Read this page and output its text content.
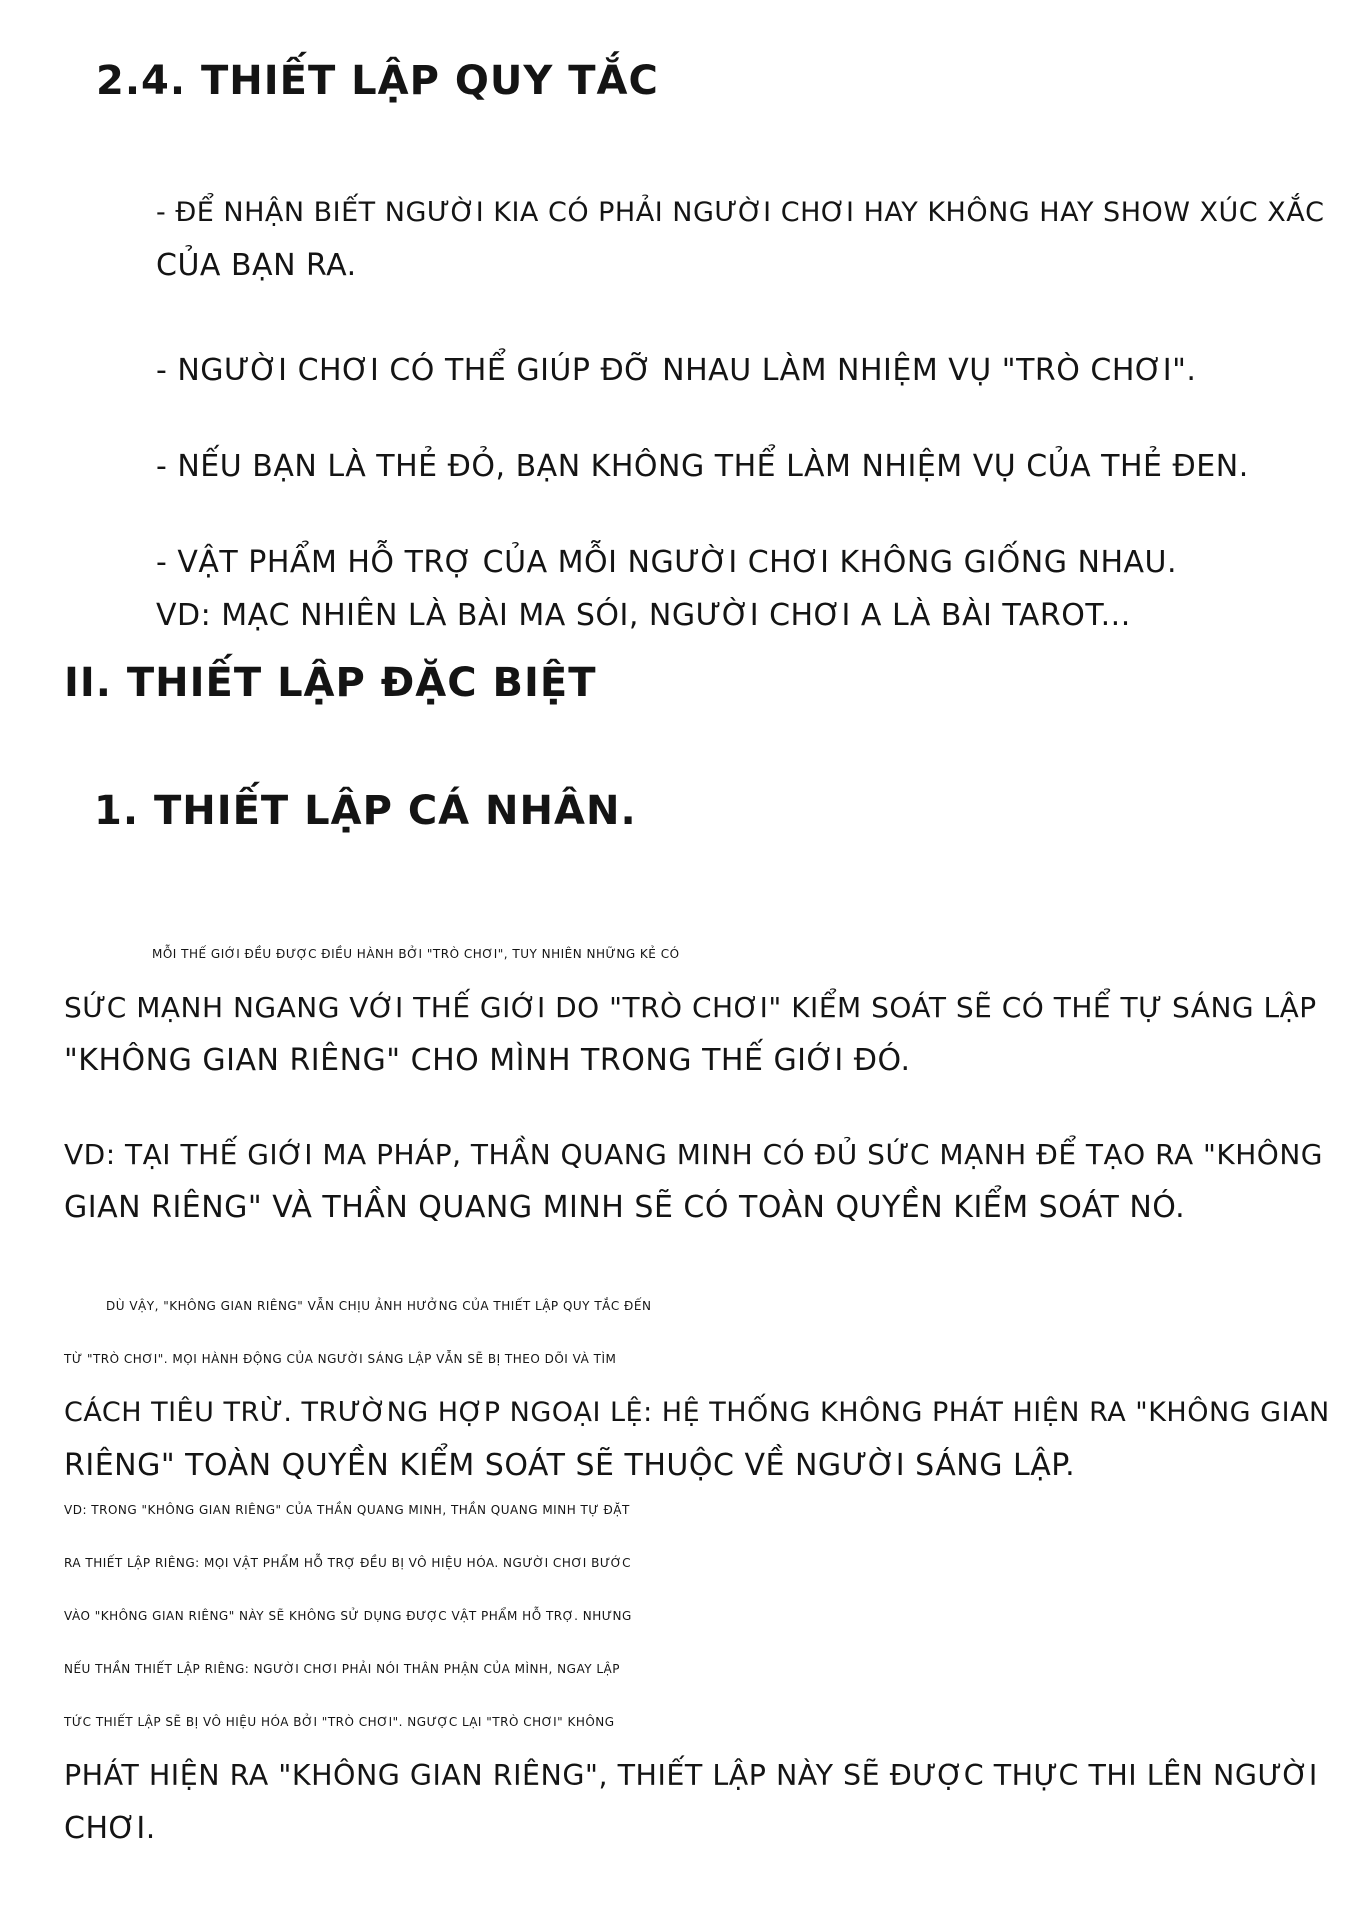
2.4. THIẾT LẬP QUY TẮC
- ĐỂ NHẬN BIẾT NGƯỜI KIA CÓ PHẢI NGƯỜI CHƠI HAY KHÔNG HAY SHOW XÚC XẮC
CỦA BẠN RA.
- NGƯỜI CHƠI CÓ THỂ GIÚP ĐỠ NHAU LÀM NHIỆM VỤ "TRÒ CHƠI".
- NẾU BẠN LÀ THẺ ĐỎ, BẠN KHÔNG THỂ LÀM NHIỆM VỤ CỦA THẺ ĐEN.
- VẬT PHẨM HỖ TRỢ CỦA MỖI NGƯỜI CHƠI KHÔNG GIỐNG NHAU.
VD: MẠC NHIÊN LÀ BÀI MA SÓI, NGƯỜI CHƠI A LÀ BÀI TAROT...
II. THIẾT LẬP ĐẶC BIỆT
1. THIẾT LẬP CÁ NHÂN.
MỖI THẾ GIỚI ĐỀU ĐƯỢC ĐIỀU HÀNH BỞI "TRÒ CHƠI", TUY NHIÊN NHỮNG KẺ CÓ
SỨC MẠNH NGANG VỚI THẾ GIỚI DO "TRÒ CHƠI" KIỂM SOÁT SẼ CÓ THỂ TỰ SÁNG LẬP
"KHÔNG GIAN RIÊNG" CHO MÌNH TRONG THẾ GIỚI ĐÓ.
VD: TẠI THẾ GIỚI MA PHÁP, THẦN QUANG MINH CÓ ĐỦ SỨC MẠNH ĐỂ TẠO RA "KHÔNG
GIAN RIÊNG" VÀ THẦN QUANG MINH SẼ CÓ TOÀN QUYỀN KIỂM SOÁT NÓ.
DÙ VẬY, "KHÔNG GIAN RIÊNG" VẪN CHỊU ẢNH HƯỞNG CỦA THIẾT LẬP QUY TẮC ĐẾN
TỪ "TRÒ CHƠI". MỌI HÀNH ĐỘNG CỦA NGƯỜI SÁNG LẬP VẪN SẼ BỊ THEO DÕI VÀ TÌM
CÁCH TIÊU TRỪ. TRƯỜNG HỢP NGOẠI LỆ: HỆ THỐNG KHÔNG PHÁT HIỆN RA "KHÔNG GIAN
RIÊNG" TOÀN QUYỀN KIỂM SOÁT SẼ THUỘC VỀ NGƯỜI SÁNG LẬP.
VD: TRONG "KHÔNG GIAN RIÊNG" CỦA THẦN QUANG MINH, THẦN QUANG MINH TỰ ĐẶT
RA THIẾT LẬP RIÊNG: MỌI VẬT PHẨM HỖ TRỢ ĐỀU BỊ VÔ HIỆU HÓA. NGƯỜI CHƠI BƯỚC
VÀO "KHÔNG GIAN RIÊNG" NÀY SẼ KHÔNG SỬ DỤNG ĐƯỢC VẬT PHẨM HỖ TRỢ. NHƯNG
NẾU THẦN THIẾT LẬP RIÊNG: NGƯỜI CHƠI PHẢI NÓI THÂN PHẬN CỦA MÌNH, NGAY LẬP
TỨC THIẾT LẬP SẼ BỊ VÔ HIỆU HÓA BỞI "TRÒ CHƠI". NGƯỢC LẠI "TRÒ CHƠI" KHÔNG
PHÁT HIỆN RA "KHÔNG GIAN RIÊNG", THIẾT LẬP NÀY SẼ ĐƯỢC THỰC THI LÊN NGƯỜI
CHƠI.
